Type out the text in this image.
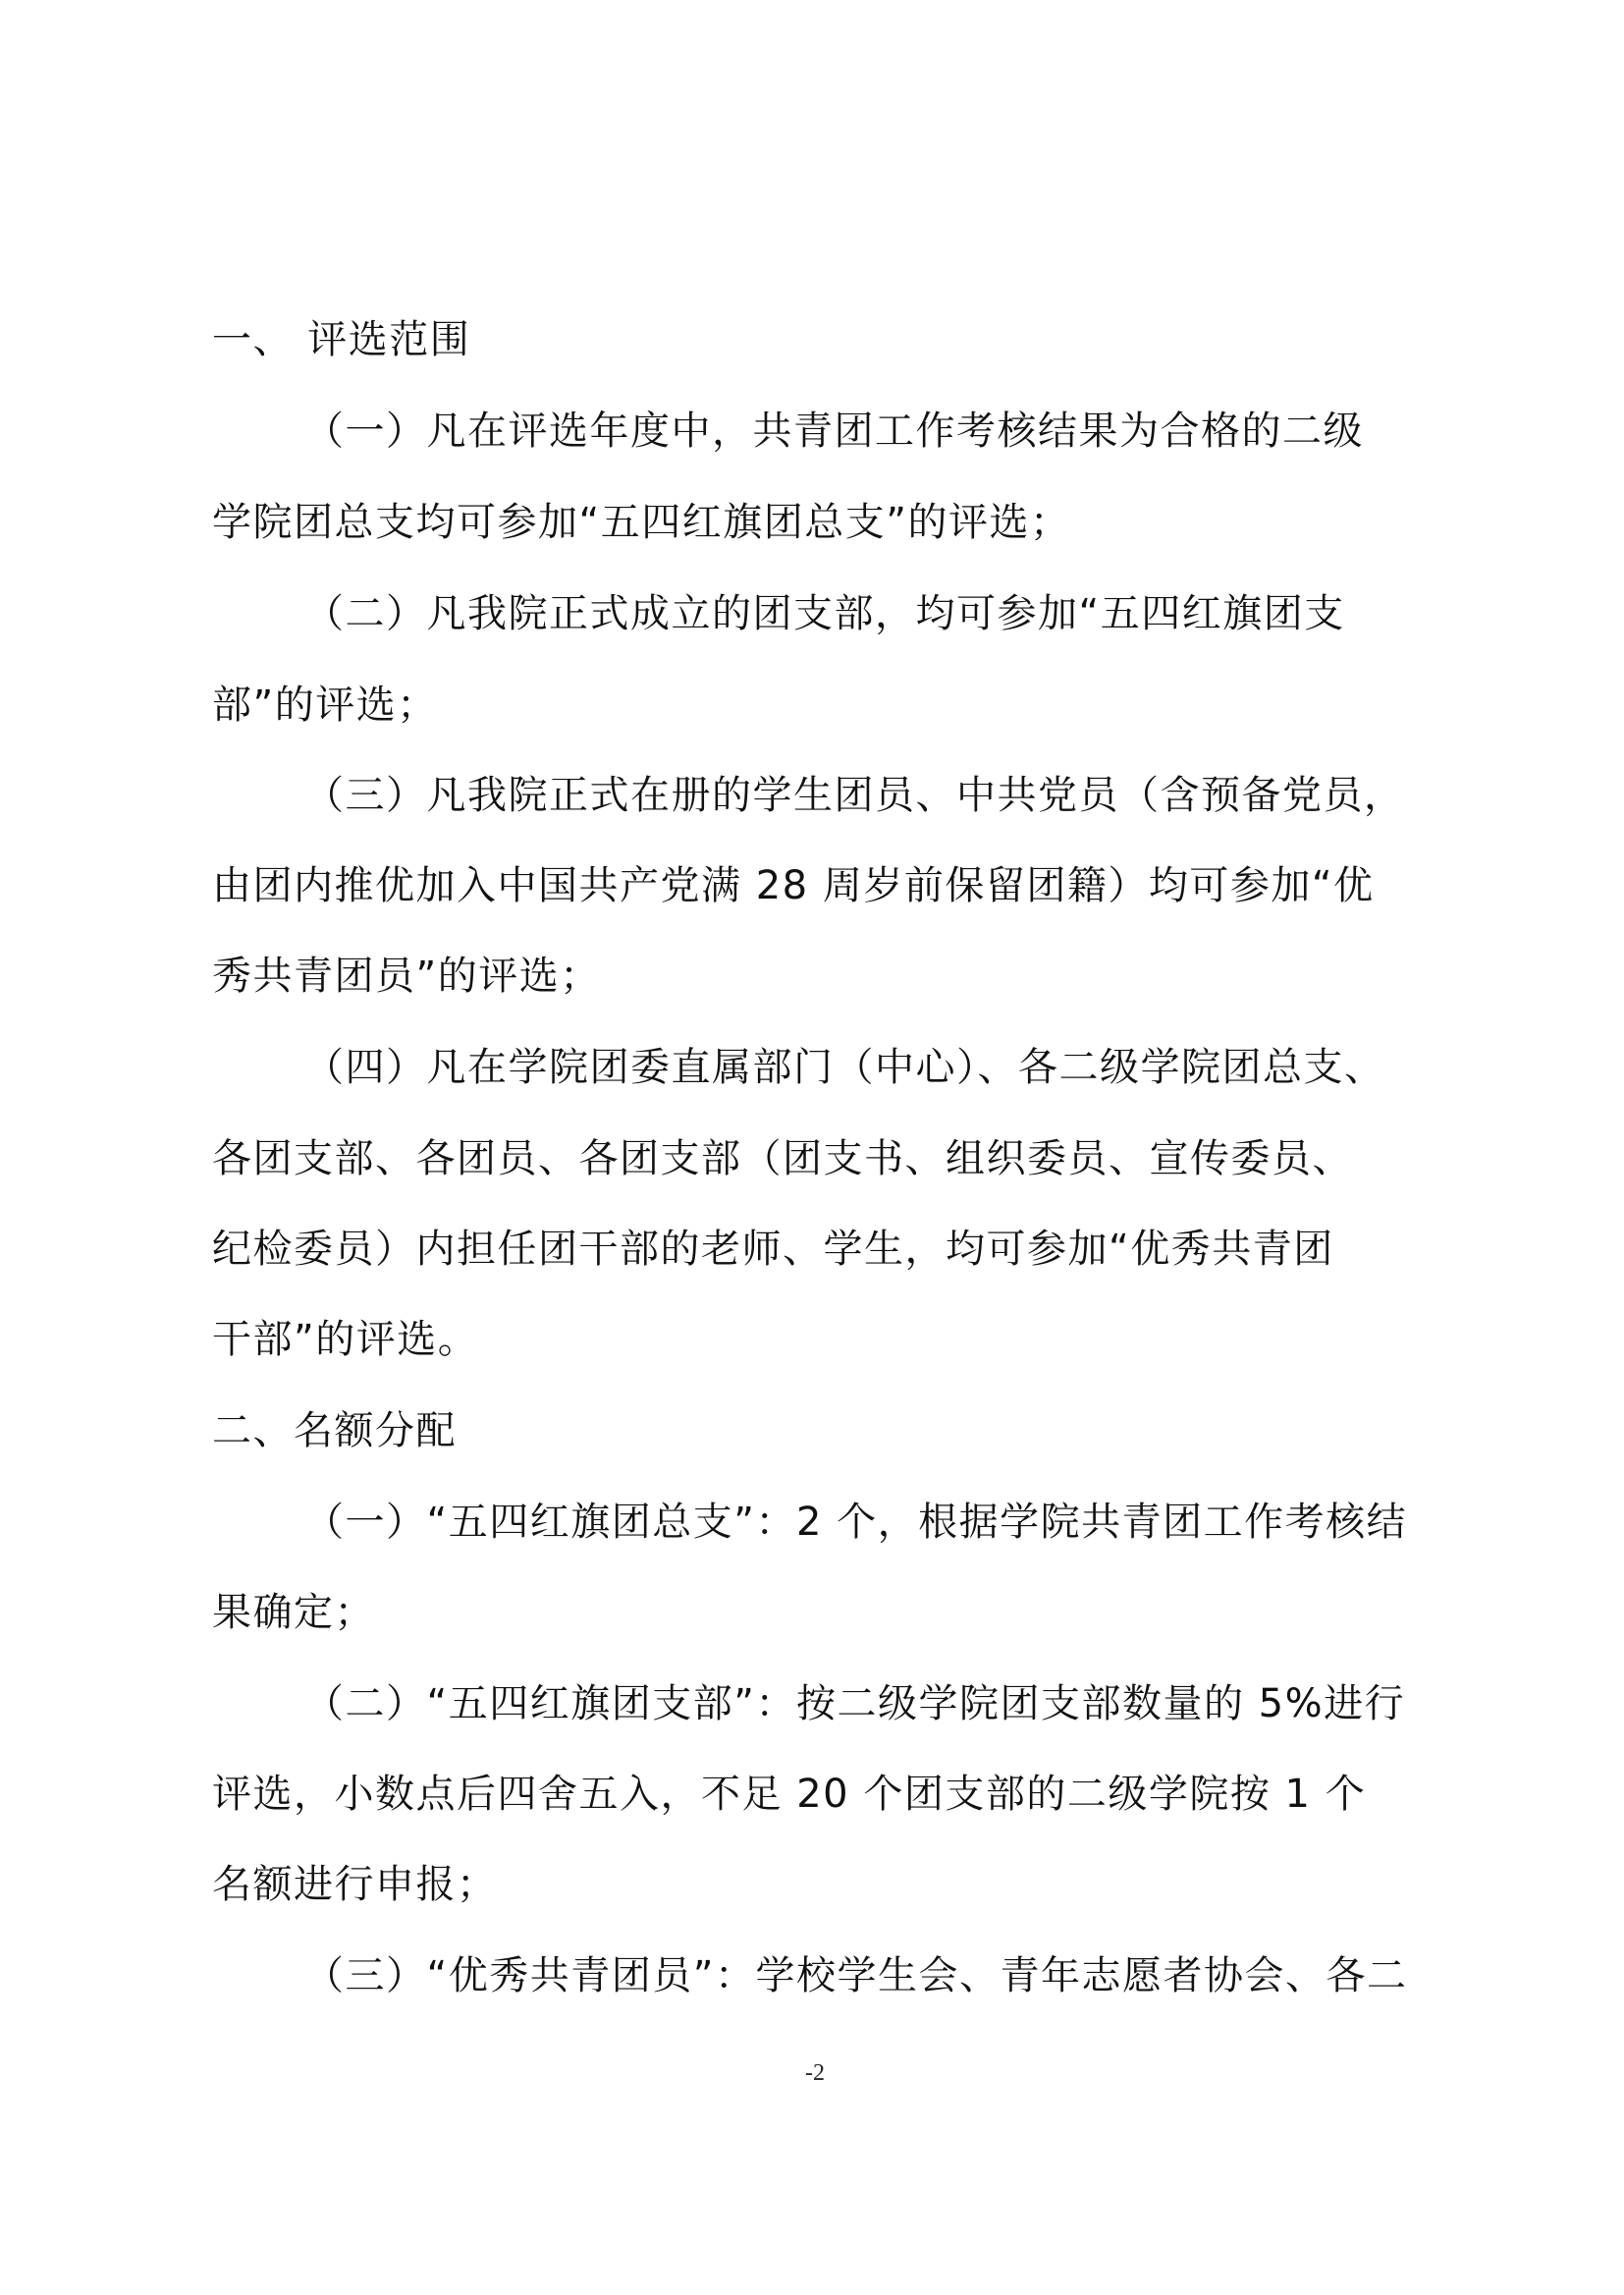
一、 评选范围
（一）凡在评选年度中，共青团工作考核结果为合格的二级
学院团总支均可参加“五四红旗团总支”的评选；
（二）凡我院正式成立的团支部，均可参加“五四红旗团支
部”的评选；
（三）凡我院正式在册的学生团员、中共党员（含预备党员，
由团内推优加入中国共产党满 28 周岁前保留团籍）均可参加“优
秀共青团员”的评选；
（四）凡在学院团委直属部门（中心）、各二级学院团总支、
各团支部、各团员、各团支部（团支书、组织委员、宣传委员、
纪检委员）内担任团干部的老师、学生，均可参加“优秀共青团
干部”的评选。
二、名额分配
（一）“五四红旗团总支”：2 个，根据学院共青团工作考核结
果确定；
（二）“五四红旗团支部”：按二级学院团支部数量的 5%进行
评选，小数点后四舍五入，不足 20 个团支部的二级学院按 1 个
名额进行申报；
（三）“优秀共青团员”：学校学生会、青年志愿者协会、各二
-2
